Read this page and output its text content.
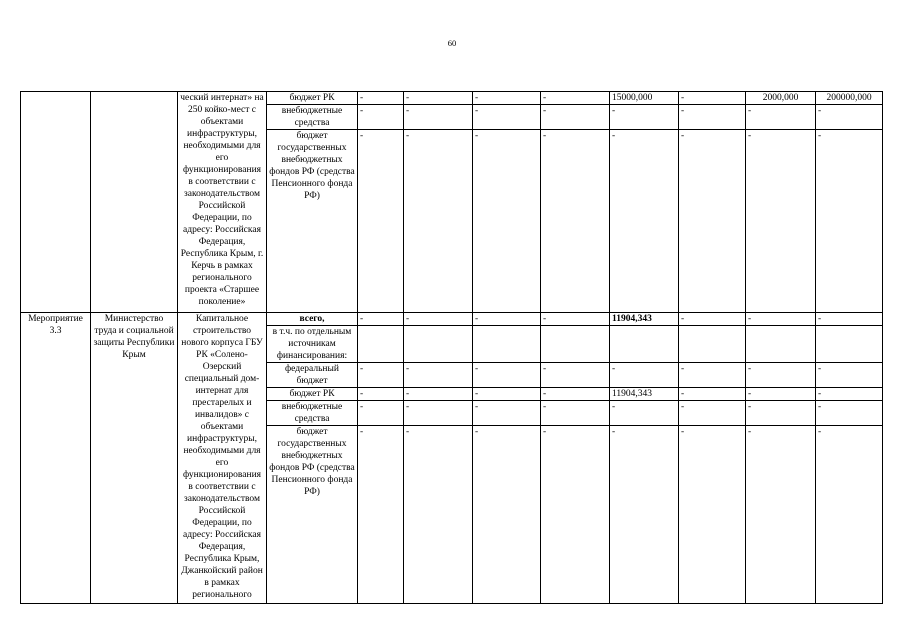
60
		ческий интернат» на 250 койко-мест с объектами инфраструктуры, необходимыми для его функционирования в соответствии с законодательством Российской Федерации, по адресу: Российская Федерация, Республика Крым, г. Керчь в рамках регионального проекта «Старшее поколение»	бюджет РК	-	-	-	-	15000,000	-	2000,000	200000,000
			внебюджетные средства	-	-	-	-	-	-	-	-
			бюджет государственных внебюджетных фондов РФ (средства Пенсионного фонда РФ)	-	-	-	-	-	-	-	-
Мероприятие 3.3	Министерство труда и социальной защиты Республики Крым	Капитальное строительство нового корпуса ГБУ РК «Солено-Озерский специальный дом-интернат для престарелых и инвалидов» с объектами инфраструктуры, необходимыми для его функционирования в соответствии с законодательством Российской Федерации, по адресу: Российская Федерация, Республика Крым, Джанкойский район в рамках регионального	всего,	-	-	-	-	11904,343	-	-	-
			в т.ч. по отдельным источникам финансирования:								
			федеральный бюджет	-	-	-	-	-	-	-	-
			бюджет РК	-	-	-	-	11904,343	-	-	-
			внебюджетные средства	-	-	-	-	-	-	-	-
			бюджет государственных внебюджетных фондов РФ (средства Пенсионного фонда РФ)	-	-	-	-	-	-	-	-
